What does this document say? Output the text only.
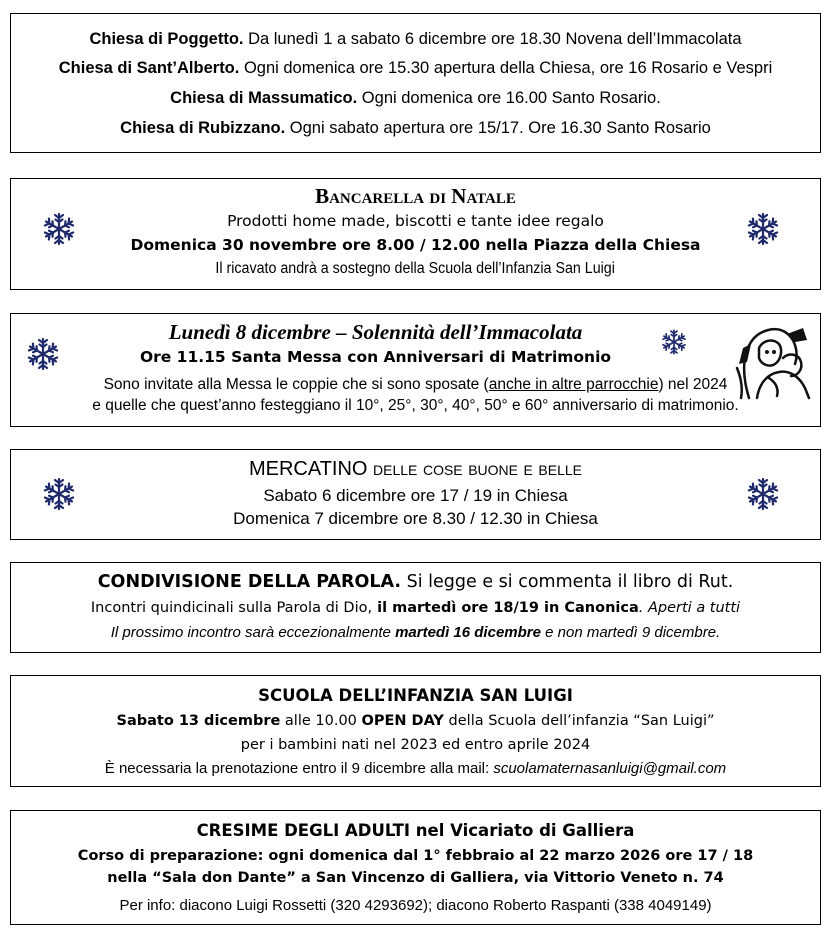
Chiesa di Poggetto. Da lunedì 1 a sabato 6 dicembre ore 18.30 Novena dell’Immacolata
Chiesa di Sant’Alberto. Ogni domenica ore 15.30 apertura della Chiesa, ore 16 Rosario e Vespri
Chiesa di Massumatico. Ogni domenica ore 16.00 Santo Rosario.
Chiesa di Rubizzano. Ogni sabato apertura ore 15/17. Ore 16.30 Santo Rosario
Bancarella di Natale
Prodotti home made, biscotti e tante idee regalo
Domenica 30 novembre ore 8.00 / 12.00 nella Piazza della Chiesa
Il ricavato andrà a sostegno della Scuola dell’Infanzia San Luigi
Lunedì 8 dicembre – Solennità dell’Immacolata
Ore 11.15 Santa Messa con Anniversari di Matrimonio
Sono invitate alla Messa le coppie che si sono sposate (anche in altre parrocchie) nel 2024
e quelle che quest’anno festeggiano il 10°, 25°, 30°, 40°, 50° e 60° anniversario di matrimonio.
MERCATINO delle cose buone e belle
Sabato 6 dicembre ore 17 / 19 in Chiesa
Domenica 7 dicembre ore 8.30 / 12.30 in Chiesa
CONDIVISIONE DELLA PAROLA. Si legge e si commenta il libro di Rut.
Incontri quindicinali sulla Parola di Dio, il martedì ore 18/19 in Canonica. Aperti a tutti
Il prossimo incontro sarà eccezionalmente martedì 16 dicembre e non martedì 9 dicembre.
SCUOLA DELL’INFANZIA SAN LUIGI
Sabato 13 dicembre alle 10.00 OPEN DAY della Scuola dell’infanzia “San Luigi”
per i bambini nati nel 2023 ed entro aprile 2024
È necessaria la prenotazione entro il 9 dicembre alla mail: scuolamaternasanluigi@gmail.com
CRESIME DEGLI ADULTI nel Vicariato di Galliera
Corso di preparazione: ogni domenica dal 1° febbraio al 22 marzo 2026 ore 17 / 18
nella “Sala don Dante” a San Vincenzo di Galliera, via Vittorio Veneto n. 74
Per info: diacono Luigi Rossetti (320 4293692); diacono Roberto Raspanti (338 4049149)
